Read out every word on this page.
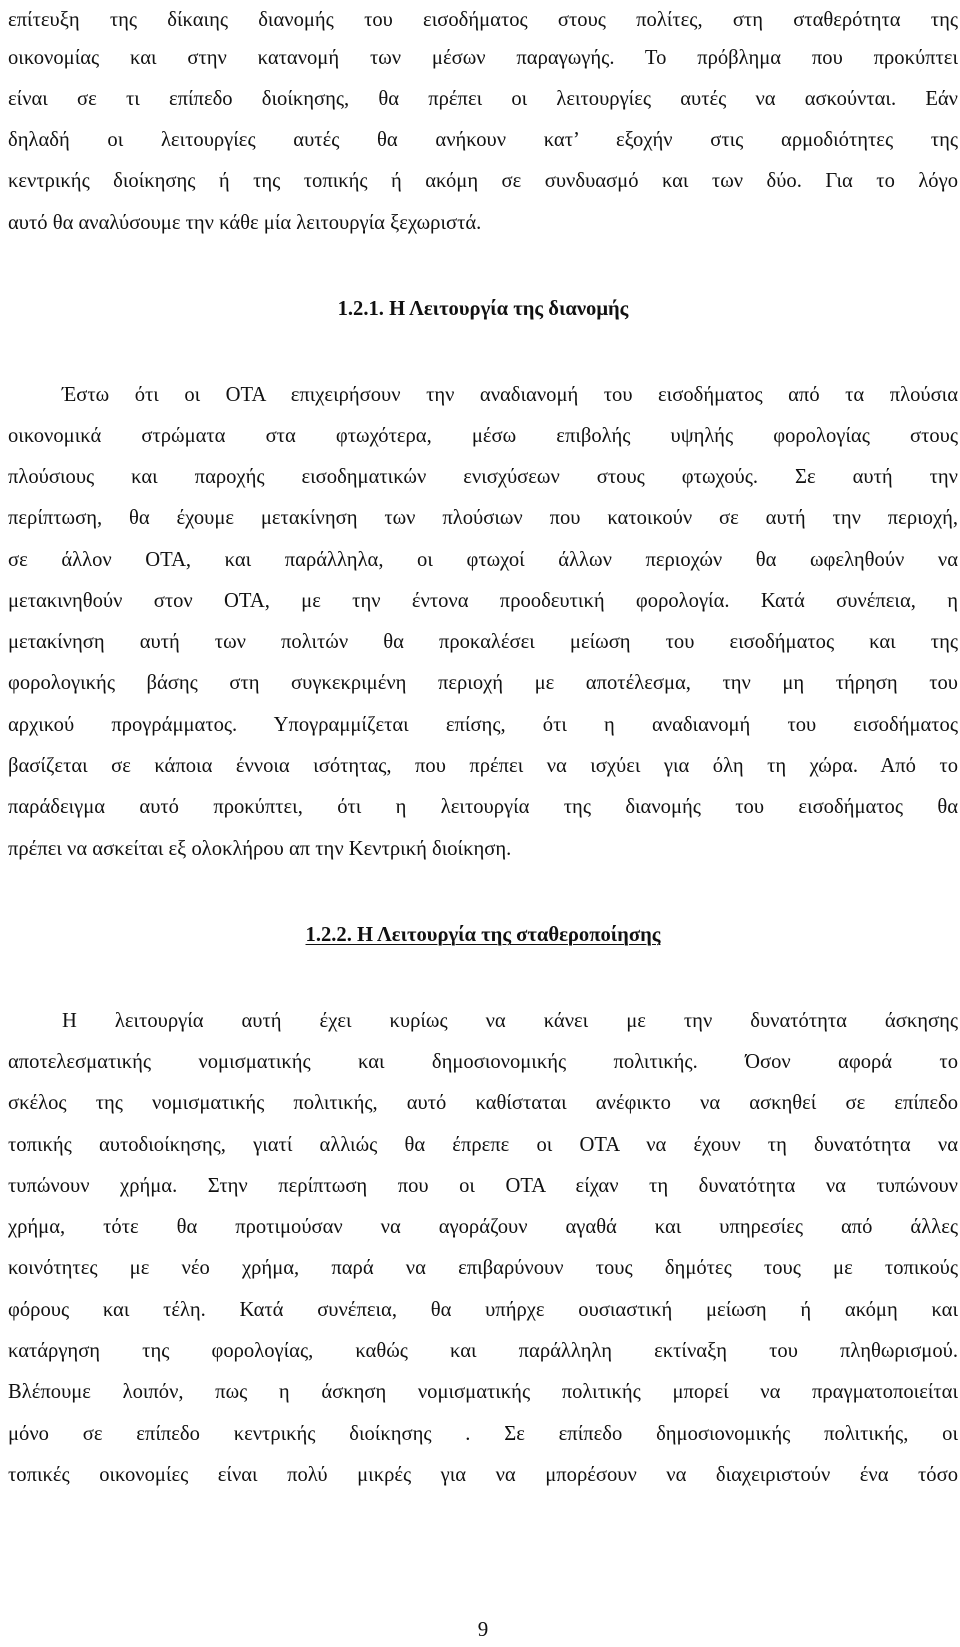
επίτευξη της δίκαιης διανομής του εισοδήματος στους πολίτες, στη σταθερότητα της
οικονομίας και στην κατανομή των μέσων παραγωγής. Το πρόβλημα που προκύπτει
είναι σε τι επίπεδο διοίκησης, θα πρέπει οι λειτουργίες αυτές να ασκούνται. Εάν
δηλαδή οι λειτουργίες αυτές θα ανήκουν κατ’ εξοχήν στις αρμοδιότητες της
κεντρικής διοίκησης ή της τοπικής ή ακόμη σε συνδυασμό και των δύο. Για το λόγο
αυτό θα αναλύσουμε την κάθε μία λειτουργία ξεχωριστά.
1.2.1. Η Λειτουργία της διανομής
Έστω ότι οι ΟΤΑ επιχειρήσουν την αναδιανομή του εισοδήματος από τα πλούσια
οικονομικά στρώματα στα φτωχότερα, μέσω επιβολής υψηλής φορολογίας στους
πλούσιους και παροχής εισοδηματικών ενισχύσεων στους φτωχούς. Σε αυτή την
περίπτωση, θα έχουμε μετακίνηση των πλούσιων που κατοικούν σε αυτή την περιοχή,
σε άλλον ΟΤΑ, και παράλληλα, οι φτωχοί άλλων περιοχών θα ωφεληθούν να
μετακινηθούν στον ΟΤΑ, με την έντονα προοδευτική φορολογία. Κατά συνέπεια, η
μετακίνηση αυτή των πολιτών θα προκαλέσει μείωση του εισοδήματος και της
φορολογικής βάσης στη συγκεκριμένη περιοχή με αποτέλεσμα, την μη τήρηση του
αρχικού προγράμματος. Υπογραμμίζεται επίσης, ότι η αναδιανομή του εισοδήματος
βασίζεται σε κάποια έννοια ισότητας, που πρέπει να ισχύει για όλη τη χώρα. Από το
παράδειγμα αυτό προκύπτει, ότι η λειτουργία της διανομής του εισοδήματος θα
πρέπει να ασκείται εξ ολοκλήρου απ την Κεντρική διοίκηση.
1.2.2. Η Λειτουργία της σταθεροποίησης
Η λειτουργία αυτή έχει κυρίως να κάνει με την δυνατότητα άσκησης
αποτελεσματικής νομισματικής και δημοσιονομικής πολιτικής. Όσον αφορά το
σκέλος της νομισματικής πολιτικής, αυτό καθίσταται ανέφικτο να ασκηθεί σε επίπεδο
τοπικής αυτοδιοίκησης, γιατί αλλιώς θα έπρεπε οι ΟΤΑ να έχουν τη δυνατότητα να
τυπώνουν χρήμα. Στην περίπτωση που οι ΟΤΑ είχαν τη δυνατότητα να τυπώνουν
χρήμα, τότε θα προτιμούσαν να αγοράζουν αγαθά και υπηρεσίες από άλλες
κοινότητες με νέο χρήμα, παρά να επιβαρύνουν τους δημότες τους με τοπικούς
φόρους και τέλη. Κατά συνέπεια, θα υπήρχε ουσιαστική μείωση ή ακόμη και
κατάργηση της φορολογίας, καθώς και παράλληλη εκτίναξη του πληθωρισμού.
Βλέπουμε λοιπόν, πως η άσκηση νομισματικής πολιτικής μπορεί να πραγματοποιείται
μόνο σε επίπεδο κεντρικής διοίκησης . Σε επίπεδο δημοσιονομικής πολιτικής, οι
τοπικές οικονομίες είναι πολύ μικρές για να μπορέσουν να διαχειριστούν ένα τόσο
9
